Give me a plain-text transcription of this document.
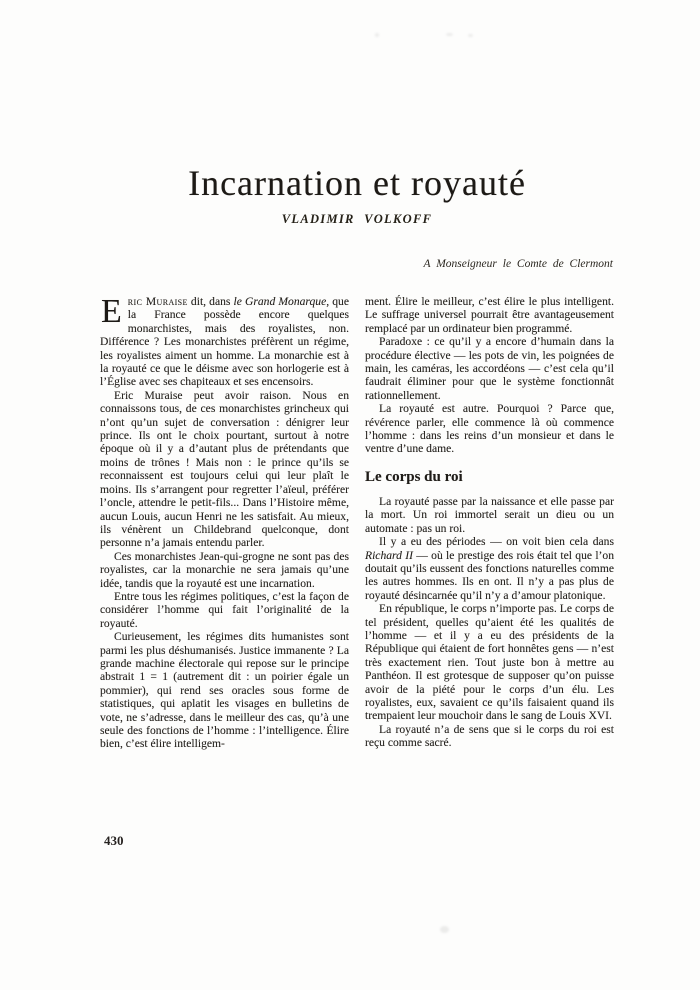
Incarnation et royauté
VLADIMIR VOLKOFF
A Monseigneur le Comte de Clermont

Eric Muraise dit, dans le Grand Monarque, que la France possède encore quelques monarchistes, mais des royalistes, non. Différence ? Les monarchistes préfèrent un régime, les royalistes aiment un homme. La monarchie est à la royauté ce que le déisme avec son horlogerie est à l’Église avec ses chapiteaux et ses encensoirs.

Eric Muraise peut avoir raison. Nous en connaissons tous, de ces monarchistes grincheux qui n’ont qu’un sujet de conversation : dénigrer leur prince. Ils ont le choix pourtant, surtout à notre époque où il y a d’autant plus de prétendants que moins de trônes ! Mais non : le prince qu’ils se reconnaissent est toujours celui qui leur plaît le moins. Ils s’arrangent pour regretter l’aïeul, préférer l’oncle, attendre le petit-fils... Dans l’Histoire même, aucun Louis, aucun Henri ne les satisfait. Au mieux, ils vénèrent un Childebrand quelconque, dont personne n’a jamais entendu parler.

Ces monarchistes Jean-qui-grogne ne sont pas des royalistes, car la monarchie ne sera jamais qu’une idée, tandis que la royauté est une incarnation.

Entre tous les régimes politiques, c’est la façon de considérer l’homme qui fait l’originalité de la royauté.

Curieusement, les régimes dits humanistes sont parmi les plus déshumanisés. Justice immanente ? La grande machine électorale qui repose sur le principe abstrait 1 = 1 (autrement dit : un poirier égale un pommier), qui rend ses oracles sous forme de statistiques, qui aplatit les visages en bulletins de vote, ne s’adresse, dans le meilleur des cas, qu’à une seule des fonctions de l’homme : l’intelligence. Élire bien, c’est élire intelligem-

ment. Élire le meilleur, c’est élire le plus intelligent. Le suffrage universel pourrait être avantageusement remplacé par un ordinateur bien programmé.

Paradoxe : ce qu’il y a encore d’humain dans la procédure élective — les pots de vin, les poignées de main, les caméras, les accordéons — c’est cela qu’il faudrait éliminer pour que le système fonctionnât rationnellement.

La royauté est autre. Pourquoi ? Parce que, révérence parler, elle commence là où commence l’homme : dans les reins d’un monsieur et dans le ventre d’une dame.

Le corps du roi

La royauté passe par la naissance et elle passe par la mort. Un roi immortel serait un dieu ou un automate : pas un roi.

Il y a eu des périodes — on voit bien cela dans Richard II — où le prestige des rois était tel que l’on doutait qu’ils eussent des fonctions naturelles comme les autres hommes. Ils en ont. Il n’y a pas plus de royauté désincarnée qu’il n’y a d’amour platonique.

En république, le corps n’importe pas. Le corps de tel président, quelles qu’aient été les qualités de l’homme — et il y a eu des présidents de la République qui étaient de fort honnêtes gens — n’est très exactement rien. Tout juste bon à mettre au Panthéon. Il est grotesque de supposer qu’on puisse avoir de la piété pour le corps d’un élu. Les royalistes, eux, savaient ce qu’ils faisaient quand ils trempaient leur mouchoir dans le sang de Louis XVI.

La royauté n’a de sens que si le corps du roi est reçu comme sacré.

430
